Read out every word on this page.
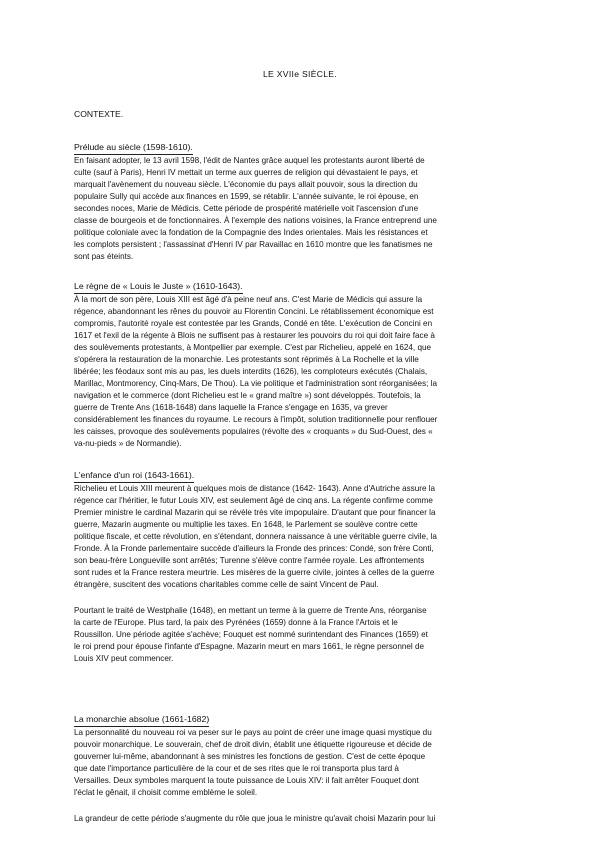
LE XVIIe SIÈCLE.
CONTEXTE.
Prélude au siècle (1598-1610).

En faisant adopter, le 13 avril 1598, l'édit de Nantes grâce auquel les protestants auront liberté de
culte (sauf à Paris), Henri IV mettait un terme aux guerres de religion qui dévastaient le pays, et
marquait l'avènement du nouveau siècle. L'économie du pays allait pouvoir, sous la direction du
populaire Sully qui accède aux finances en 1599, se rétablir. L'année suivante, le roi épouse, en
secondes noces, Marie de Médicis. Cette période de prospérité matérielle voit l'ascension d'une
classe de bourgeois et de fonctionnaires. À l'exemple des nations voisines, la France entreprend une
politique coloniale avec la fondation de la Compagnie des Indes orientales. Mais les résistances et
les complots persistent ; l'assassinat d'Henri IV par Ravaillac en 1610 montre que les fanatismes ne
sont pas éteints.

Le règne de « Louis le Juste » (1610-1643).

À la mort de son père, Louis XIII est âgé d'à peine neuf ans. C'est Marie de Médicis qui assure la
régence, abandonnant les rênes du pouvoir au Florentin Concini. Le rétablissement économique est
compromis, l'autorité royale est contestée par les Grands, Condé en tête. L'exécution de Concini en
1617 et l'exil de la régente à Blois ne suffisent pas à restaurer les pouvoirs du roi qui doit faire face à
des soulèvements protestants, à Montpellier par exemple. C'est par Richelieu, appelé en 1624, que
s'opérera la restauration de la monarchie. Les protestants sont réprimés à La Rochelle et la ville
libérée; les féodaux sont mis au pas, les duels interdits (1626), les comploteurs exécutés (Chalais,
Marillac, Montmorency, Cinq-Mars, De Thou). La vie politique et l'administration sont réorganisées; la
navigation et le commerce (dont Richelieu est le « grand maître ») sont développés. Toutefois, la
guerre de Trente Ans (1618-1648) dans laquelle la France s'engage en 1635, va grever
considérablement les finances du royaume. Le recours à l'impôt, solution traditionnelle pour renflouer
les caisses, provoque des soulèvements populaires (révolte des « croquants » du Sud-Ouest, des «
va-nu-pieds » de Normandie).

L'enfance d'un roi (1643-1661).

Richelieu et Louis XIII meurent à quelques mois de distance (1642- 1643). Anne d'Autriche assure la
régence car l'héritier, le futur Louis XIV, est seulement âgé de cinq ans. La régente confirme comme
Premier ministre le cardinal Mazarin qui se révèle très vite impopulaire. D'autant que pour financer la
guerre, Mazarin augmente ou multiplie les taxes. En 1648, le Parlement se soulève contre cette
politique fiscale, et cette révolution, en s'étendant, donnera naissance à une véritable guerre civile, la
Fronde. À la Fronde parlementaire succède d'ailleurs la Fronde des princes: Condé, son frère Conti,
son beau-frère Longueville sont arrêtés; Turenne s'élève contre l'armée royale. Les affrontements
sont rudes et la France restera meurtrie. Les misères de la guerre civile, jointes à celles de la guerre
étrangère, suscitent des vocations charitables comme celle de saint Vincent de Paul.

Pourtant le traité de Westphalie (1648), en mettant un terme à la guerre de Trente Ans, réorganise
la carte de l'Europe. Plus tard, la paix des Pyrénées (1659) donne à la France l'Artois et le
Roussillon. Une période agitée s'achève; Fouquet est nommé surintendant des Finances (1659) et
le roi prend pour épouse l'infante d'Espagne. Mazarin meurt en mars 1661, le règne personnel de
Louis XIV peut commencer.

La monarchie absolue (1661-1682)

La personnalité du nouveau roi va peser sur le pays au point de créer une image quasi mystique du
pouvoir monarchique. Le souverain, chef de droit divin, établit une étiquette rigoureuse et décide de
gouverner lui-même, abandonnant à ses ministres les fonctions de gestion. C'est de cette époque
que date l'importance particulière de la cour et de ses rites que le roi transporta plus tard à
Versailles. Deux symboles marquent la toute puissance de Louis XIV: il fait arrêter Fouquet dont
l'éclat le gênait, il choisit comme emblème le soleil.

La grandeur de cette période s'augmente du rôle que joua le ministre qu'avait choisi Mazarin pour lui
